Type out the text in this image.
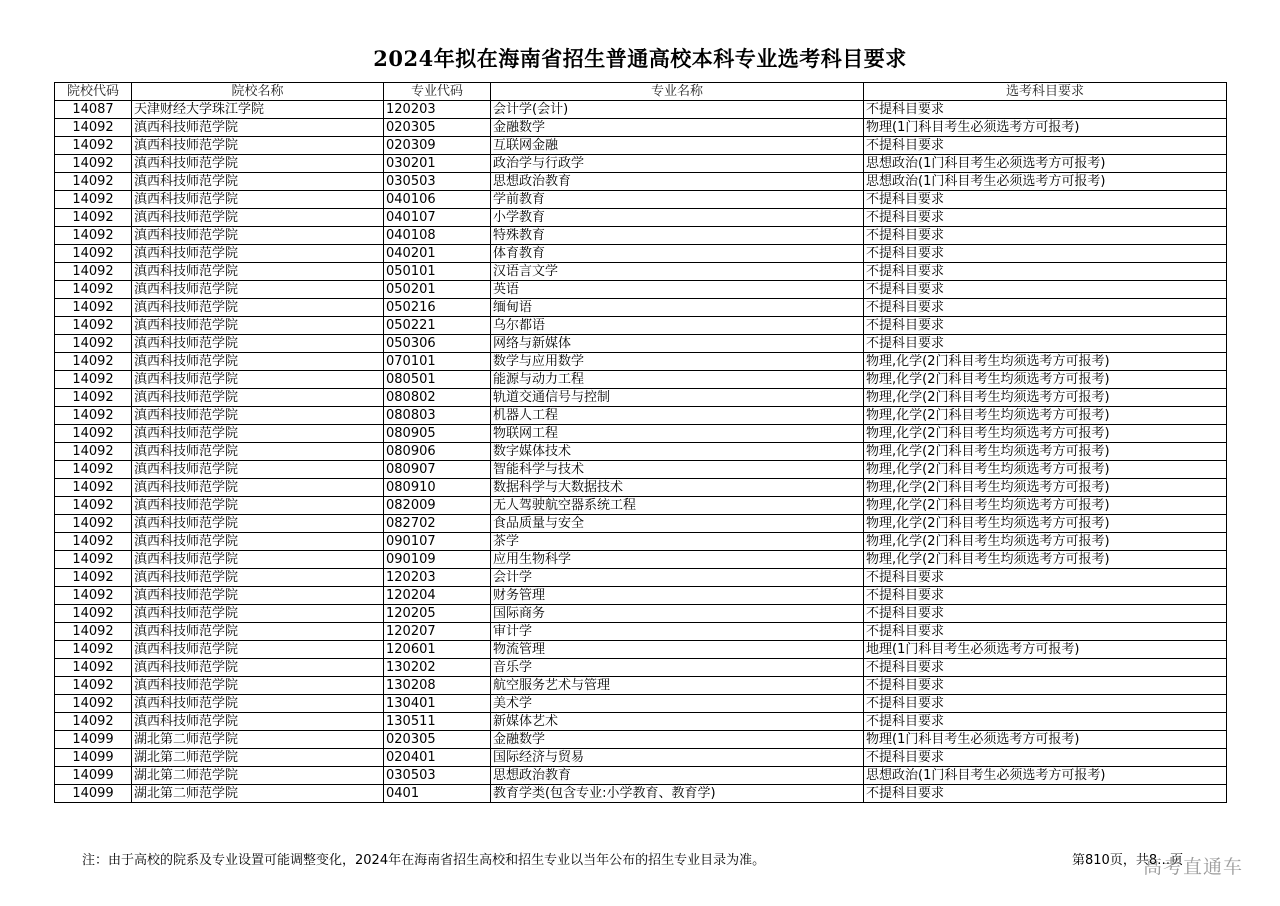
2024年拟在海南省招生普通高校本科专业选考科目要求
院校代码	院校名称	专业代码	专业名称	选考科目要求
14087	天津财经大学珠江学院	120203	会计学(会计)	不提科目要求
14092	滇西科技师范学院	020305	金融数学	物理(1门科目考生必须选考方可报考)
14092	滇西科技师范学院	020309	互联网金融	不提科目要求
14092	滇西科技师范学院	030201	政治学与行政学	思想政治(1门科目考生必须选考方可报考)
14092	滇西科技师范学院	030503	思想政治教育	思想政治(1门科目考生必须选考方可报考)
14092	滇西科技师范学院	040106	学前教育	不提科目要求
14092	滇西科技师范学院	040107	小学教育	不提科目要求
14092	滇西科技师范学院	040108	特殊教育	不提科目要求
14092	滇西科技师范学院	040201	体育教育	不提科目要求
14092	滇西科技师范学院	050101	汉语言文学	不提科目要求
14092	滇西科技师范学院	050201	英语	不提科目要求
14092	滇西科技师范学院	050216	缅甸语	不提科目要求
14092	滇西科技师范学院	050221	乌尔都语	不提科目要求
14092	滇西科技师范学院	050306	网络与新媒体	不提科目要求
14092	滇西科技师范学院	070101	数学与应用数学	物理,化学(2门科目考生均须选考方可报考)
14092	滇西科技师范学院	080501	能源与动力工程	物理,化学(2门科目考生均须选考方可报考)
14092	滇西科技师范学院	080802	轨道交通信号与控制	物理,化学(2门科目考生均须选考方可报考)
14092	滇西科技师范学院	080803	机器人工程	物理,化学(2门科目考生均须选考方可报考)
14092	滇西科技师范学院	080905	物联网工程	物理,化学(2门科目考生均须选考方可报考)
14092	滇西科技师范学院	080906	数字媒体技术	物理,化学(2门科目考生均须选考方可报考)
14092	滇西科技师范学院	080907	智能科学与技术	物理,化学(2门科目考生均须选考方可报考)
14092	滇西科技师范学院	080910	数据科学与大数据技术	物理,化学(2门科目考生均须选考方可报考)
14092	滇西科技师范学院	082009	无人驾驶航空器系统工程	物理,化学(2门科目考生均须选考方可报考)
14092	滇西科技师范学院	082702	食品质量与安全	物理,化学(2门科目考生均须选考方可报考)
14092	滇西科技师范学院	090107	茶学	物理,化学(2门科目考生均须选考方可报考)
14092	滇西科技师范学院	090109	应用生物科学	物理,化学(2门科目考生均须选考方可报考)
14092	滇西科技师范学院	120203	会计学	不提科目要求
14092	滇西科技师范学院	120204	财务管理	不提科目要求
14092	滇西科技师范学院	120205	国际商务	不提科目要求
14092	滇西科技师范学院	120207	审计学	不提科目要求
14092	滇西科技师范学院	120601	物流管理	地理(1门科目考生必须选考方可报考)
14092	滇西科技师范学院	130202	音乐学	不提科目要求
14092	滇西科技师范学院	130208	航空服务艺术与管理	不提科目要求
14092	滇西科技师范学院	130401	美术学	不提科目要求
14092	滇西科技师范学院	130511	新媒体艺术	不提科目要求
14099	湖北第二师范学院	020305	金融数学	物理(1门科目考生必须选考方可报考)
14099	湖北第二师范学院	020401	国际经济与贸易	不提科目要求
14099	湖北第二师范学院	030503	思想政治教育	思想政治(1门科目考生必须选考方可报考)
14099	湖北第二师范学院	0401	教育学类(包含专业:小学教育、教育学)	不提科目要求
注：由于高校的院系及专业设置可能调整变化，2024年在海南省招生高校和招生专业以当年公布的招生专业目录为准。	第810页，共8…页
高考直通车
